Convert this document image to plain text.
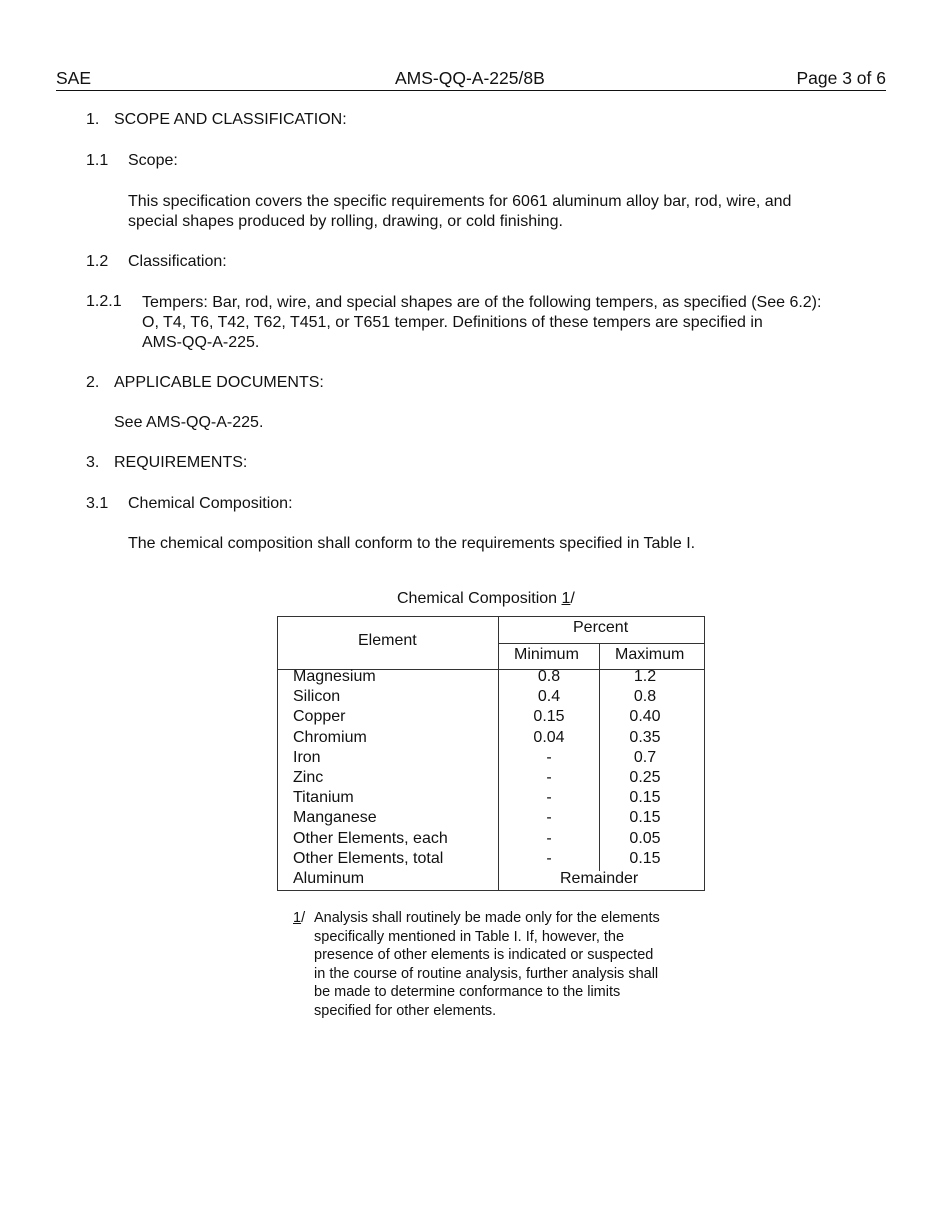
SAE	AMS-QQ-A-225/8B	Page 3 of 6
1. SCOPE AND CLASSIFICATION:
1.1 Scope:
This specification covers the specific requirements for 6061 aluminum alloy bar, rod, wire, and
special shapes produced by rolling, drawing, or cold finishing.
1.2 Classification:
1.2.1 Tempers: Bar, rod, wire, and special shapes are of the following tempers, as specified (See 6.2):
O, T4, T6, T42, T62, T451, or T651 temper. Definitions of these tempers are specified in
AMS-QQ-A-225.
2. APPLICABLE DOCUMENTS:
See AMS-QQ-A-225.
3. REQUIREMENTS:
3.1 Chemical Composition:
The chemical composition shall conform to the requirements specified in Table I.
Chemical Composition 1/
Element
Percent
Minimum Maximum
Magnesium	0.8	1.2
Silicon	0.4	0.8
Copper	0.15	0.40
Chromium	0.04	0.35
Iron	-	0.7
Zinc	-	0.25
Titanium	-	0.15
Manganese	-	0.15
Other Elements, each	-	0.05
Other Elements, total	-	0.15
Aluminum	Remainder
1/ Analysis shall routinely be made only for the elements
specifically mentioned in Table I. If, however, the
presence of other elements is indicated or suspected
in the course of routine analysis, further analysis shall
be made to determine conformance to the limits
specified for other elements.
